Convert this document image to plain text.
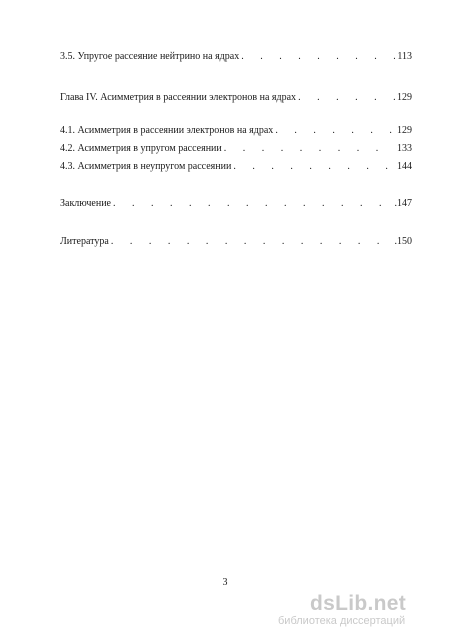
3.5. Упругое рассеяние нейтрино на ядрах . . .	113
Глава IV. Асимметрия в рассеянии электронов на ядрах . . .	129
4.1. Асимметрия в рассеянии электронов на ядрах . . .	129
4.2. Асимметрия в упругом рассеянии . . .	133
4.3. Асимметрия в неупругом рассеянии . . .	144
Заключение . . .	.147
Литература . . .	.150
3
dsLib.net
библиотека диссертаций
